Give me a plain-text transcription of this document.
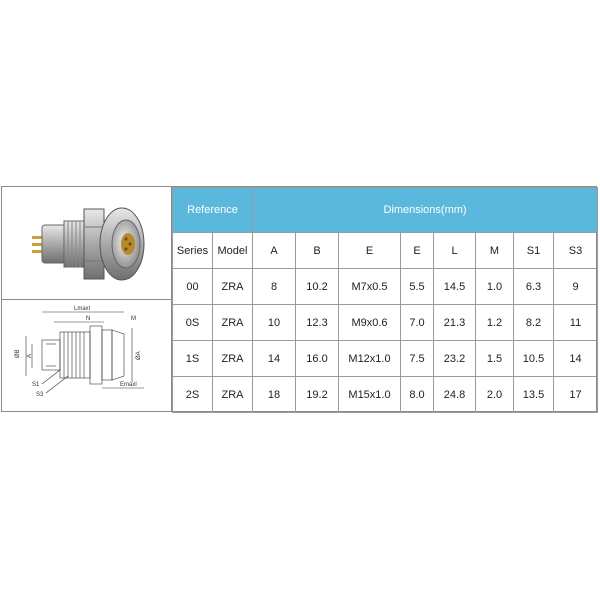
Lmaxl
N	M
ØB A	ØA
S1
S3
Emaxl
Reference		Dimensions(mm)							
Series	Model	A	B	E	E	L	M	S1	S3
00	ZRA	8	10.2	M7x0.5	5.5	14.5	1.0	6.3	9
0S	ZRA	10	12.3	M9x0.6	7.0	21.3	1.2	8.2	11
1S	ZRA	14	16.0	M12x1.0	7.5	23.2	1.5	10.5	14
2S	ZRA	18	19.2	M15x1.0	8.0	24.8	2.0	13.5	17
